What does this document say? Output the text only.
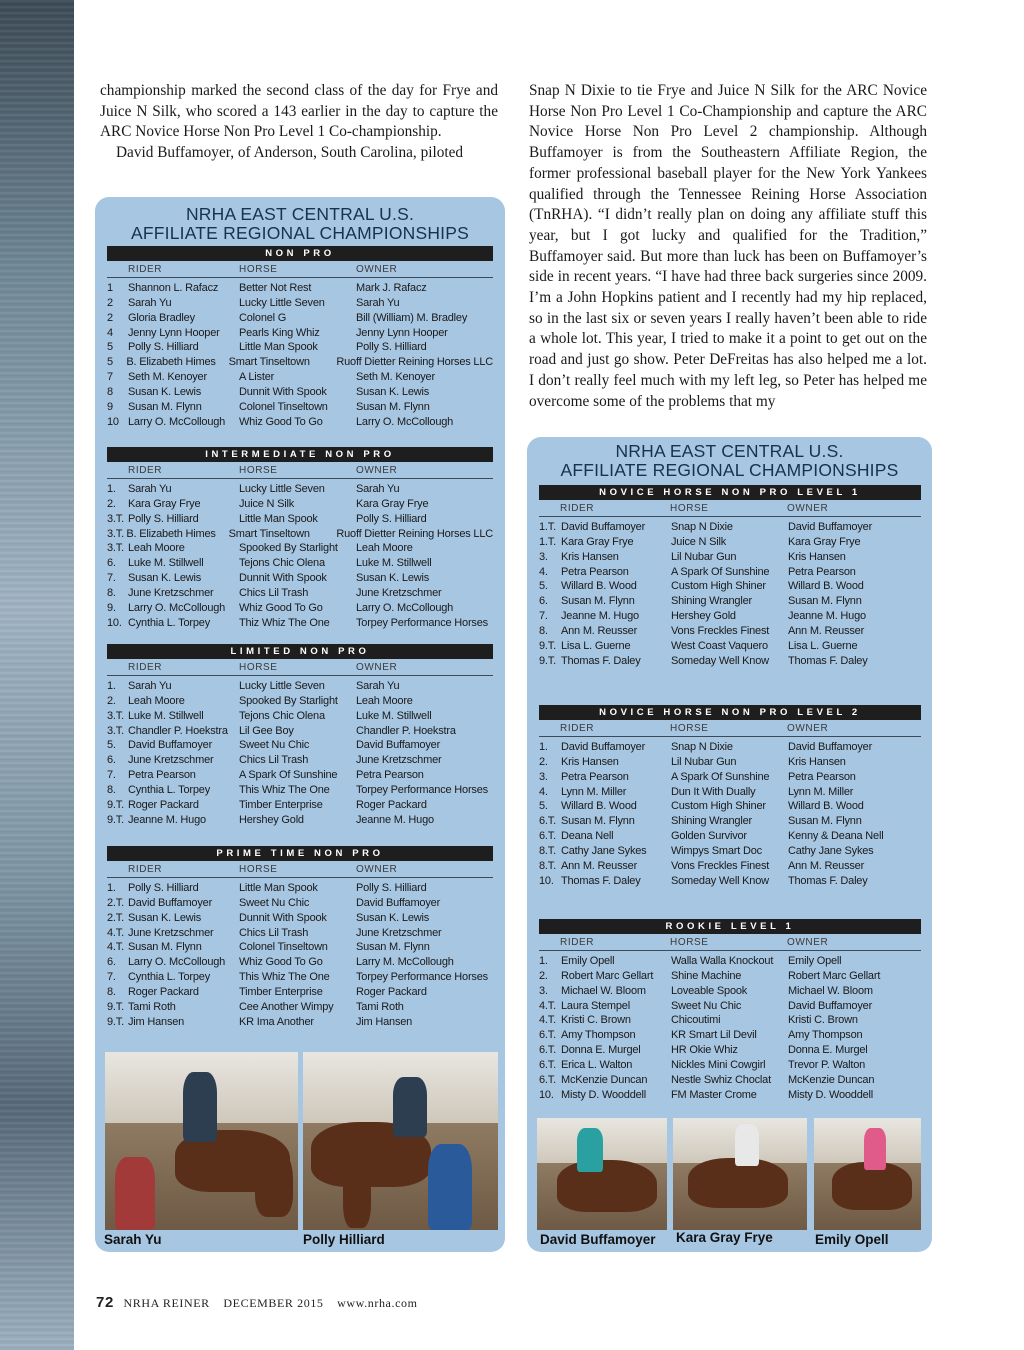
championship marked the second class of the day for Frye and Juice N Silk, who scored a 143 earlier in the day to capture the ARC Novice Horse Non Pro Level 1 Co-championship.

David Buffamoyer, of Anderson, South Carolina, piloted

Snap N Dixie to tie Frye and Juice N Silk for the ARC Novice Horse Non Pro Level 1 Co-Championship and capture the ARC Novice Horse Non Pro Level 2 championship. Although Buffamoyer is from the Southeastern Affiliate Region, the former professional baseball player for the New York Yankees qualified through the Tennessee Reining Horse Association (TnRHA). “I didn’t really plan on doing any affiliate stuff this year, but I got lucky and qualified for the Tradition,” Buffamoyer said. But more than luck has been on Buffamoyer’s side in recent years. “I have had three back surgeries since 2009. I’m a John Hopkins patient and I recently had my hip replaced, so in the last six or seven years I really haven’t been able to ride a whole lot. This year, I tried to make it a point to get out on the road and just go show. Peter DeFreitas has also helped me a lot. I don’t really feel much with my left leg, so Peter has helped me overcome some of the problems that my

NRHA EAST CENTRAL U.S.
AFFILIATE REGIONAL CHAMPIONSHIPS
NRHA EAST CENTRAL U.S.
AFFILIATE REGIONAL CHAMPIONSHIPS
NON PRO
RIDER	HORSE	OWNER
1	Shannon L. Rafacz	Better Not Rest	Mark J. Rafacz
2	Sarah Yu	Lucky Little Seven	Sarah Yu
2	Gloria Bradley	Colonel G	Bill (William) M. Bradley
4	Jenny Lynn Hooper	Pearls King Whiz	Jenny Lynn Hooper
5	Polly S. Hilliard	Little Man Spook	Polly S. Hilliard
5	B. Elizabeth Himes	Smart Tinseltown	Ruoff Dietter Reining Horses LLC
7	Seth M. Kenoyer	A Lister	Seth M. Kenoyer
8	Susan K. Lewis	Dunnit With Spook	Susan K. Lewis
9	Susan M. Flynn	Colonel Tinseltown	Susan M. Flynn
10 Larry O. McCollough	Whiz Good To Go	Larry O. McCollough
INTERMEDIATE NON PRO
RIDER	HORSE	OWNER
1.	Sarah Yu	Lucky Little Seven	Sarah Yu
2.	Kara Gray Frye	Juice N Silk	Kara Gray Frye
3.T. Polly S. Hilliard	Little Man Spook	Polly S. Hilliard
3.T. B. Elizabeth Himes	Smart Tinseltown	Ruoff Dietter Reining Horses LLC
3.T. Leah Moore	Spooked By Starlight	Leah Moore
6.	Luke M. Stillwell	Tejons Chic Olena	Luke M. Stillwell
7.	Susan K. Lewis	Dunnit With Spook	Susan K. Lewis
8.	June Kretzschmer	Chics Lil Trash	June Kretzschmer
9.	Larry O. McCollough	Whiz Good To Go	Larry O. McCollough
10. Cynthia L. Torpey	Thiz Whiz The One	Torpey Performance Horses
LIMITED NON PRO
RIDER	HORSE	OWNER
1.	Sarah Yu	Lucky Little Seven	Sarah Yu
2.	Leah Moore	Spooked By Starlight	Leah Moore
3.T. Luke M. Stillwell	Tejons Chic Olena	Luke M. Stillwell
3.T. Chandler P. Hoekstra	Lil Gee Boy	Chandler P. Hoekstra
5.	David Buffamoyer	Sweet Nu Chic	David Buffamoyer
6.	June Kretzschmer	Chics Lil Trash	June Kretzschmer
7.	Petra Pearson	A Spark Of Sunshine	Petra Pearson
8.	Cynthia L. Torpey	This Whiz The One	Torpey Performance Horses
9.T. Roger Packard	Timber Enterprise	Roger Packard
9.T. Jeanne M. Hugo	Hershey Gold	Jeanne M. Hugo
PRIME TIME NON PRO
RIDER	HORSE	OWNER
1.	Polly S. Hilliard	Little Man Spook	Polly S. Hilliard
2.T. David Buffamoyer	Sweet Nu Chic	David Buffamoyer
2.T. Susan K. Lewis	Dunnit With Spook	Susan K. Lewis
4.T. June Kretzschmer	Chics Lil Trash	June Kretzschmer
4.T. Susan M. Flynn	Colonel Tinseltown	Susan M. Flynn
6.	Larry O. McCollough	Whiz Good To Go	Larry M. McCollough
7.	Cynthia L. Torpey	This Whiz The One	Torpey Performance Horses
8.	Roger Packard	Timber Enterprise	Roger Packard
9.T. Tami Roth	Cee Another Wimpy	Tami Roth
9.T. Jim Hansen	KR Ima Another	Jim Hansen
NOVICE HORSE NON PRO LEVEL 1
RIDER	HORSE	OWNER
1.T. David Buffamoyer	Snap N Dixie	David Buffamoyer
1.T. Kara Gray Frye	Juice N Silk	Kara Gray Frye
3.	Kris Hansen	Lil Nubar Gun	Kris Hansen
4.	Petra Pearson	A Spark Of Sunshine	Petra Pearson
5.	Willard B. Wood	Custom High Shiner	Willard B. Wood
6.	Susan M. Flynn	Shining Wrangler	Susan M. Flynn
7.	Jeanne M. Hugo	Hershey Gold	Jeanne M. Hugo
8.	Ann M. Reusser	Vons Freckles Finest	Ann M. Reusser
9.T. Lisa L. Guerne	West Coast Vaquero	Lisa L. Guerne
9.T. Thomas F. Daley	Someday Well Know	Thomas F. Daley
NOVICE HORSE NON PRO LEVEL 2
RIDER	HORSE	OWNER
1.	David Buffamoyer	Snap N Dixie	David Buffamoyer
2.	Kris Hansen	Lil Nubar Gun	Kris Hansen
3.	Petra Pearson	A Spark Of Sunshine	Petra Pearson
4.	Lynn M. Miller	Dun It With Dually	Lynn M. Miller
5.	Willard B. Wood	Custom High Shiner	Willard B. Wood
6.T. Susan M. Flynn	Shining Wrangler	Susan M. Flynn
6.T. Deana Nell	Golden Survivor	Kenny & Deana Nell
8.T. Cathy Jane Sykes	Wimpys Smart Doc	Cathy Jane Sykes
8.T. Ann M. Reusser	Vons Freckles Finest	Ann M. Reusser
10. Thomas F. Daley	Someday Well Know	Thomas F. Daley
ROOKIE LEVEL 1
RIDER	HORSE	OWNER
1.	Emily Opell	Walla Walla Knockout	Emily Opell
2.	Robert Marc Gellart	Shine Machine	Robert Marc Gellart
3.	Michael W. Bloom	Loveable Spook	Michael W. Bloom
4.T. Laura Stempel	Sweet Nu Chic	David Buffamoyer
4.T. Kristi C. Brown	Chicoutimi	Kristi C. Brown
6.T. Amy Thompson	KR Smart Lil Devil	Amy Thompson
6.T. Donna E. Murgel	HR Okie Whiz	Donna E. Murgel
6.T. Erica L. Walton	Nickles Mini Cowgirl	Trevor P. Walton
6.T. McKenzie Duncan	Nestle Swhiz Choclat	McKenzie Duncan
10. Misty D. Wooddell	FM Master Crome	Misty D. Wooddell
Sarah Yu	Polly Hilliard	David Buffamoyer Kara Gray Frye	Emily Opell
72 NRHA REINER DECEMBER 2015 www.nrha.com
